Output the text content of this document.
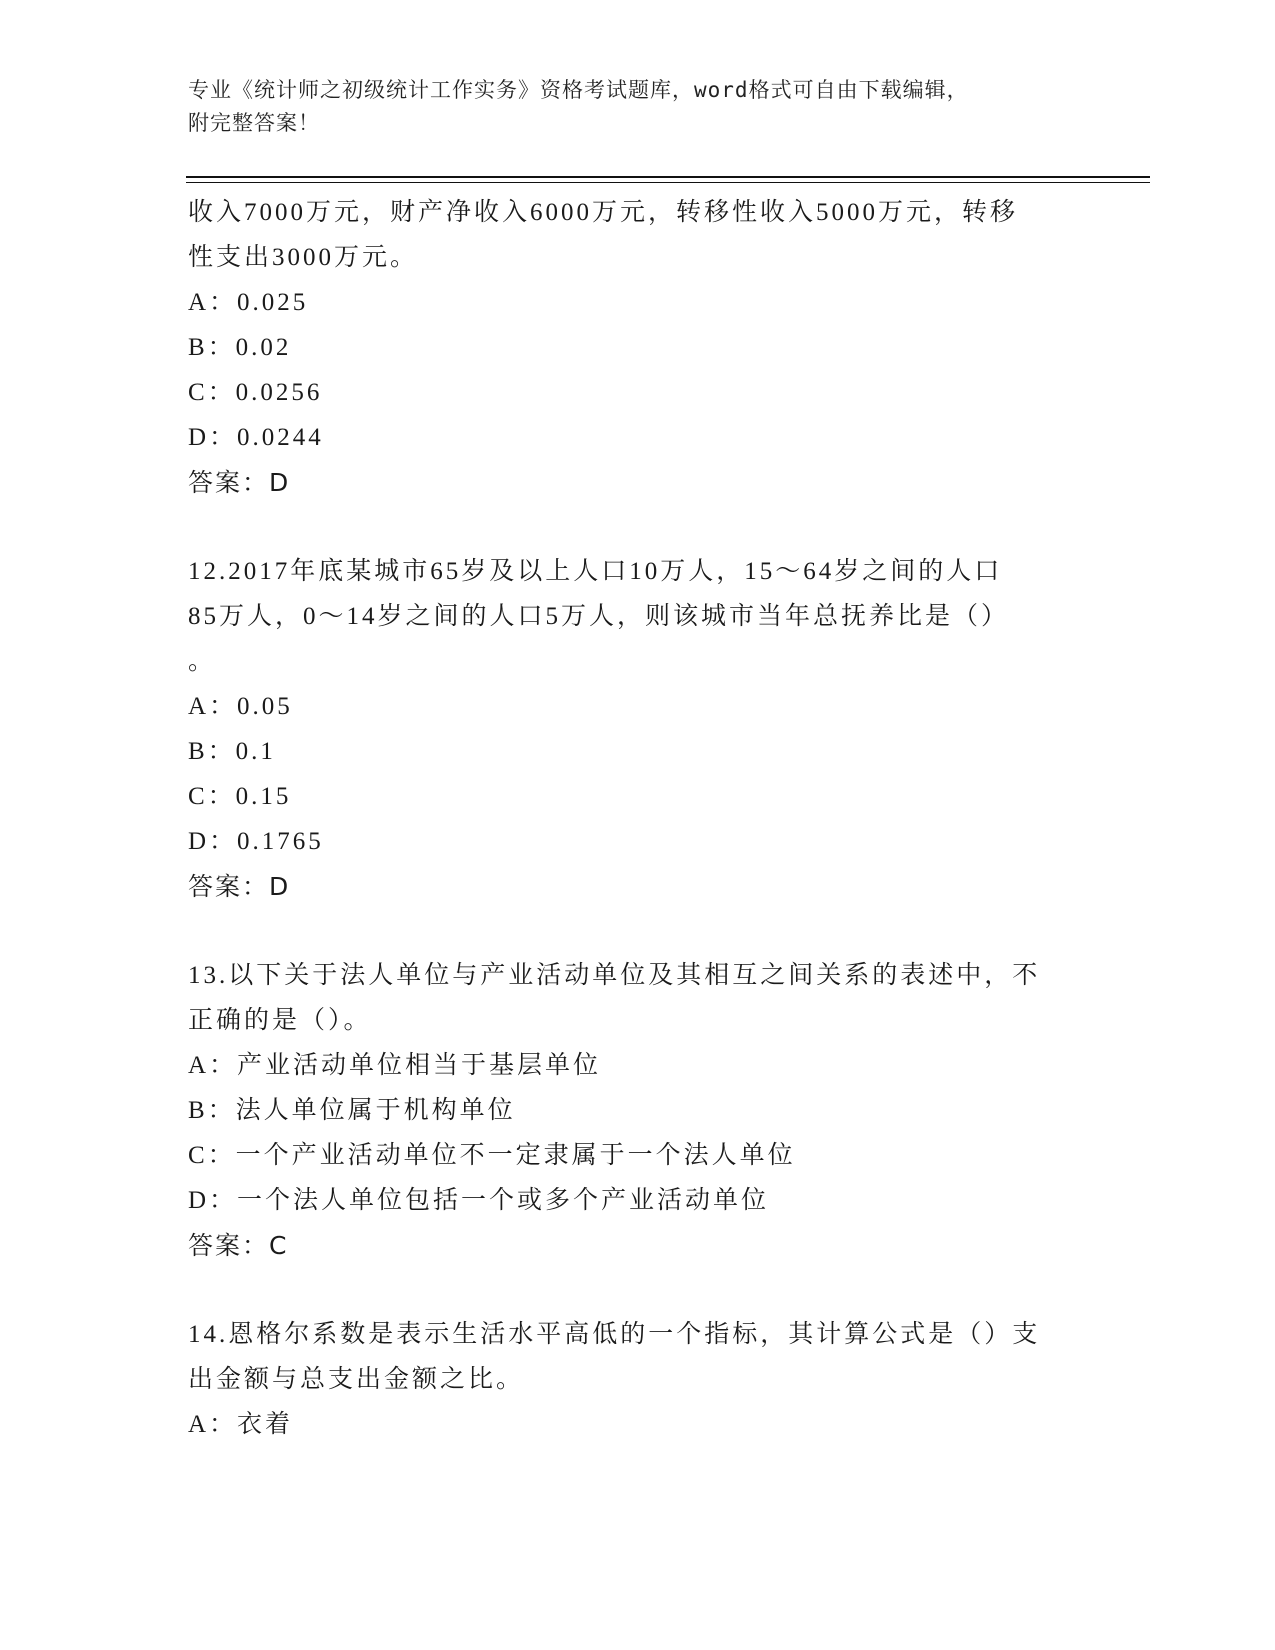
专业《统计师之初级统计工作实务》资格考试题库，word格式可自由下载编辑，
附完整答案！
收入7000万元，财产净收入6000万元，转移性收入5000万元，转移
性支出3000万元。
A：0.025
B：0.02
C：0.0256
D：0.0244
答案：D
12.2017年底某城市65岁及以上人口10万人，15～64岁之间的人口
85万人，0～14岁之间的人口5万人，则该城市当年总抚养比是（）
。
A：0.05
B：0.1
C：0.15
D：0.1765
答案：D
13.以下关于法人单位与产业活动单位及其相互之间关系的表述中，不
正确的是（）。
A：产业活动单位相当于基层单位
B：法人单位属于机构单位
C：一个产业活动单位不一定隶属于一个法人单位
D：一个法人单位包括一个或多个产业活动单位
答案：C
14.恩格尔系数是表示生活水平高低的一个指标，其计算公式是（）支
出金额与总支出金额之比。
A：衣着
